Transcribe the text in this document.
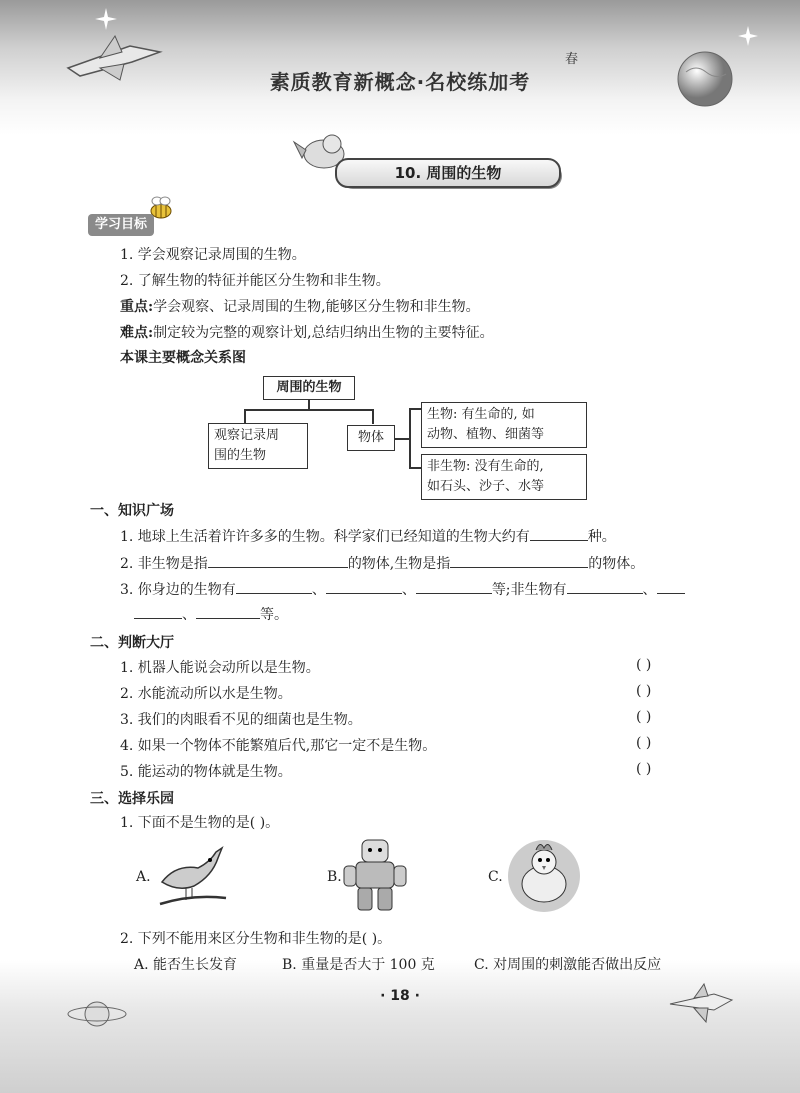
春
素质教育新概念·名校练加考
10. 周围的生物
学习目标
1. 学会观察记录周围的生物。
2. 了解生物的特征并能区分生物和非生物。
重点:学会观察、记录周围的生物,能够区分生物和非生物。
难点:制定较为完整的观察计划,总结归纳出生物的主要特征。
本课主要概念关系图
周围的生物
观察记录周
围的生物
物体
生物: 有生命的, 如
动物、植物、细菌等
非生物: 没有生命的,
如石头、沙子、水等
一、知识广场
1. 地球上生活着许许多多的生物。科学家们已经知道的生物大约有	种。
2. 非生物是指	的物体,生物是指	的物体。
3. 你身边的生物有	、	、	等;非生物有	、
、	等。
二、判断大厅
1. 机器人能说会动所以是生物。	( )
2. 水能流动所以水是生物。	( )
3. 我们的肉眼看不见的细菌也是生物。	( )
4. 如果一个物体不能繁殖后代,那它一定不是生物。	( )
5. 能运动的物体就是生物。	( )
三、选择乐园
1. 下面不是生物的是( )。
A.	B.	C.
2. 下列不能用来区分生物和非生物的是( )。
A. 能否生长发育	B. 重量是否大于 100 克	C. 对周围的刺激能否做出反应
· 18 ·
